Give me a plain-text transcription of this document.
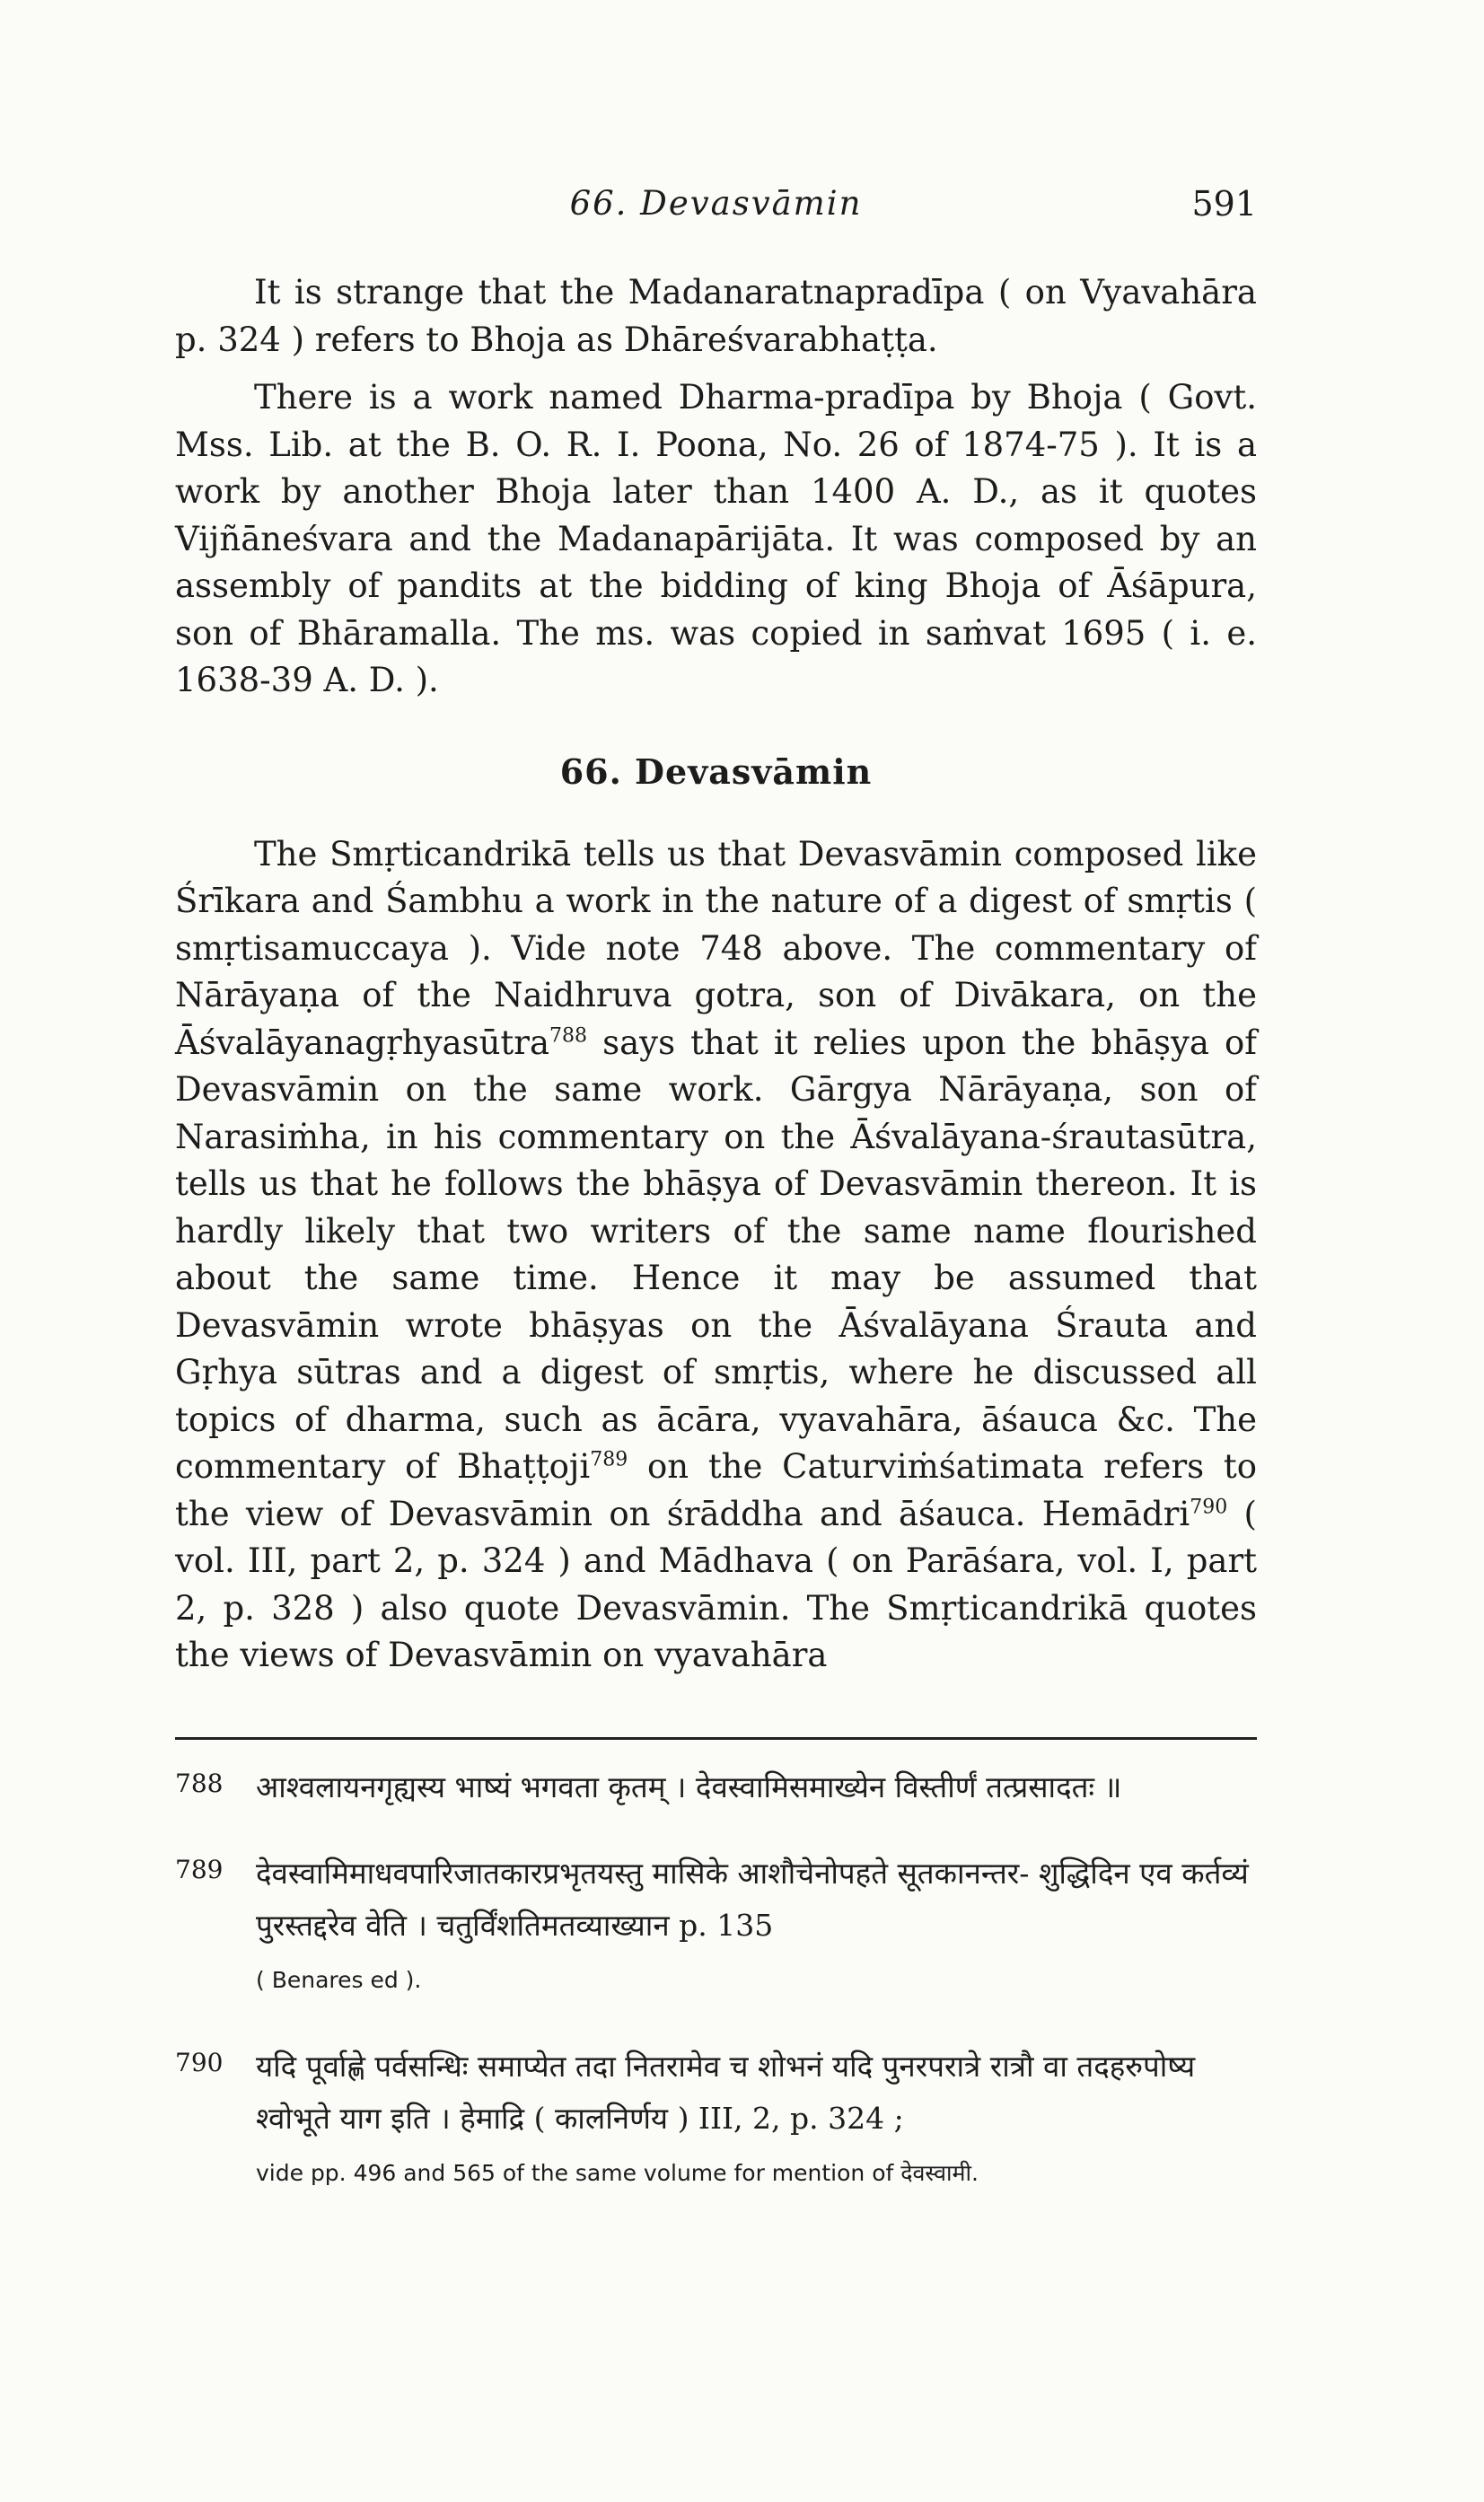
66. Devasvāmin	591

It is strange that the Madanaratnapradīpa ( on Vyavahāra p. 324 ) refers to Bhoja as Dhāreśvarabhaṭṭa.

There is a work named Dharma-pradīpa by Bhoja ( Govt. Mss. Lib. at the B. O. R. I. Poona, No. 26 of 1874-75 ). It is a work by another Bhoja later than 1400 A. D., as it quotes Vijñāneśvara and the Madanapārijāta. It was composed by an assembly of pandits at the bidding of king Bhoja of Āśāpura, son of Bhāramalla. The ms. was copied in saṁvat 1695 ( i. e. 1638-39 A. D. ).

66. Devasvāmin

The Smṛticandrikā tells us that Devasvāmin composed like Śrīkara and Śambhu a work in the nature of a digest of smṛtis ( smṛtisamuccaya ). Vide note 748 above. The commentary of Nārāyaṇa of the Naidhruva gotra, son of Divākara, on the Āśvalāyanagṛhyasūtra$^{788}$ says that it relies upon the bhāṣya of Devasvāmin on the same work. Gārgya Nārāyaṇa, son of Narasiṁha, in his commentary on the Āśvalāyana-śrautasūtra, tells us that he follows the bhāṣya of Devasvāmin thereon. It is hardly likely that two writers of the same name flourished about the same time. Hence it may be assumed that Devasvāmin wrote bhāṣyas on the Āśvalāyana Śrauta and Gṛhya sūtras and a digest of smṛtis, where he discussed all topics of dharma, such as ācāra, vyavahāra, āśauca &c. The commentary of Bhaṭṭoji$^{789}$ on the Caturviṁśatimata refers to the view of Devasvāmin on śrāddha and āśauca. Hemādri$^{790}$ ( vol. III, part 2, p. 324 ) and Mādhava ( on Parāśara, vol. I, part 2, p. 328 ) also quote Devasvāmin. The Smṛticandrikā quotes the views of Devasvāmin on vyavahāra

788	आश्वलायनगृह्यस्य भाष्यं भगवता कृतम् । देवस्वामिसमाख्येन विस्तीर्णं तत्प्रसादतः ॥
789	देवस्वामिमाधवपारिजातकारप्रभृतयस्तु मासिके आशौचेनोपहते सूतकानन्तर- शुद्धिदिन एव कर्तव्यं पुरस्तद्दरेव वेति । चतुर्विंशतिमतव्याख्यान p. 135
( Benares ed ).
790	यदि पूर्वाह्णे पर्वसन्धिः समाप्येत तदा नितरामेव च शोभनं यदि पुनरपरात्रे रात्रौ वा तदहरुपोष्य श्वोभूते याग इति । हेमाद्रि ( कालनिर्णय ) III, 2, p. 324 ;
vide pp. 496 and 565 of the same volume for mention of देवस्वामी.
